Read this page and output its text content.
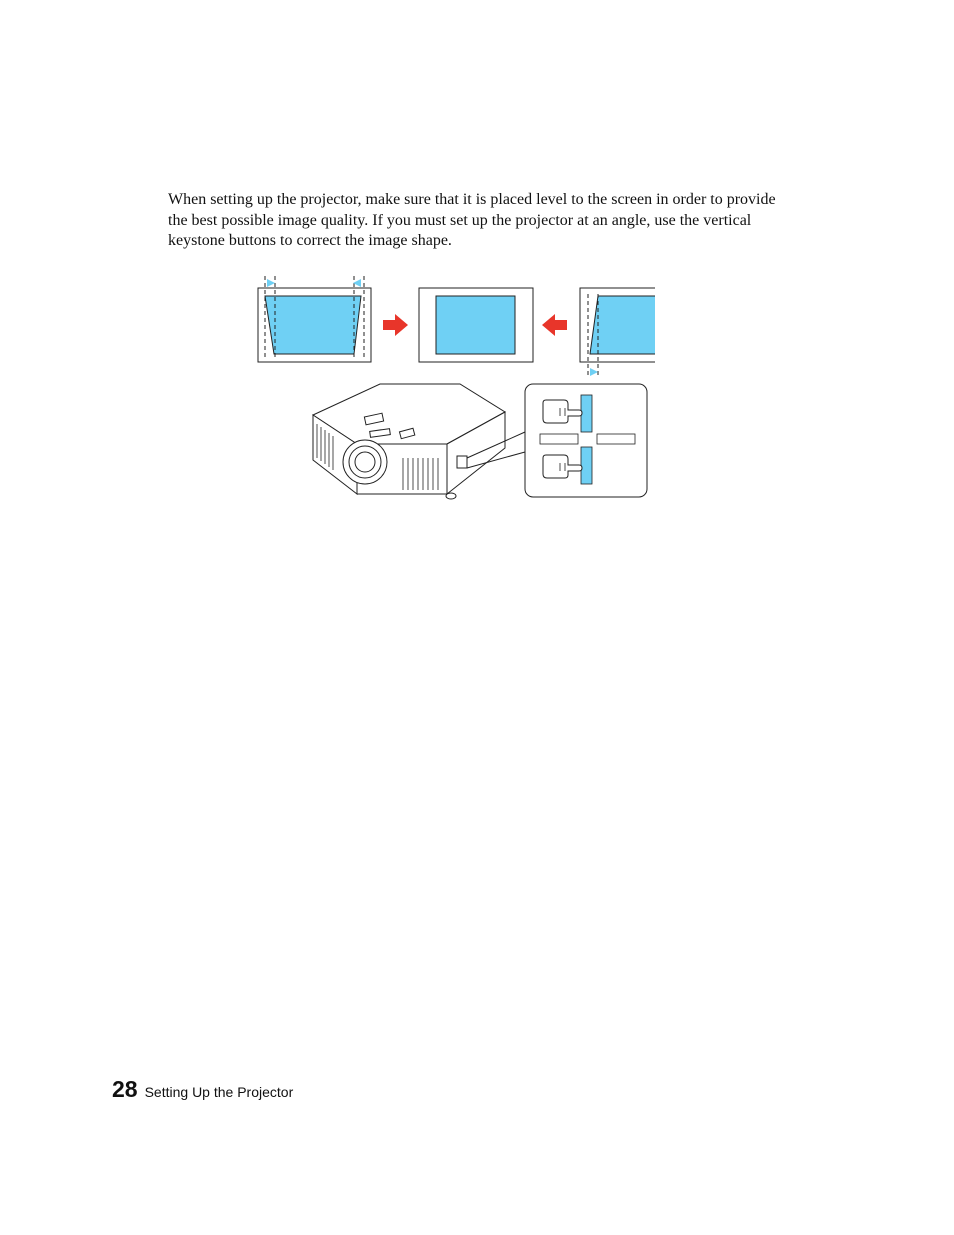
When setting up the projector, make sure that it is placed level to the screen in order to provide the best possible image quality. If you must set up the projector at an angle, use the vertical keystone buttons to correct the image shape.

28 Setting Up the Projector
